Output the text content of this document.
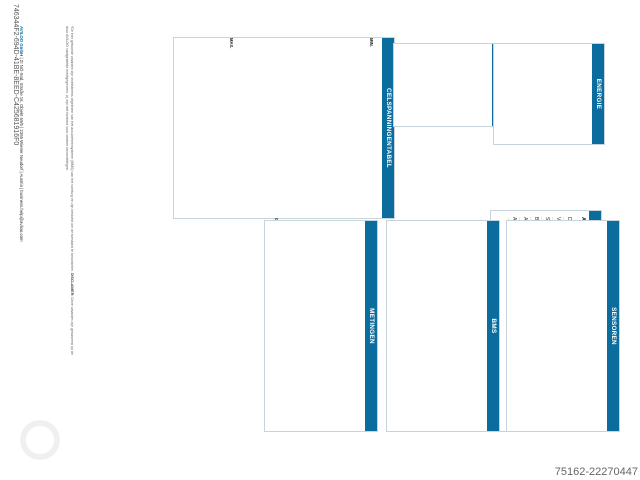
746344F2-694D-41BE-8EED-C425681916F0	*De hier getoonde waarden zijn rechtstreeks afgelezen van het accubeheersysteem (BMS) van het voertuig en zijn bedoeld om de toestand te beoordelen. DISCLAIMER: Deze waarden zijn gebaseerd op de door AVILOO vastgestelde meetgegevens; zij zijn niet bindend voor verdere beoordelingen.
AVILOO GmbH | ZI NÖ-Süd, Straße 16, Objekt 69/5 | 2355 Wiener Neudorf | Austria | business.help@aviloo.com	CELSPANNINGENTABEL
MIN.
MAX.
ENERGIE
METINGEN	BMS	SENSOREN
75162-22270447
